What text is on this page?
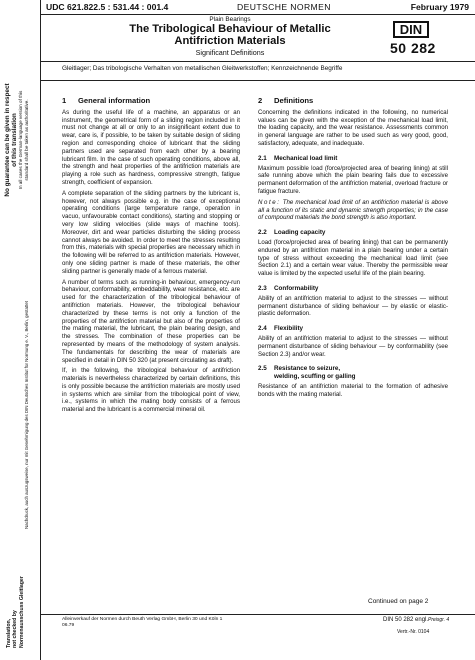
No guarantee can be given in respect of this translation In all cases the German-language version of this standard shall be taken as authoritative.
Nachdruck, auch auszugsweise, nur mit Genehmigung des DIN Deutsches Institut für Normung e. V., Berlin, gestattet
Translation, not checked by Normenausschuss Gleitlager
UDC 621.822.5 : 531.44 : 001.4	DEUTSCHE NORMEN	February 1979
Plain Bearings
The Tribological Behaviour of Metallic
Antifriction Materials
Significant Definitions
DIN
50 282
Gleitlager; Das tribologische Verhalten von metallischen Gleitwerkstoffen; Kennzeichnende Begriffe
1 General information

As during the useful life of a machine, an apparatus or an instrument, the geometrical form of a sliding region included in it must not change at all or only to an insignificant extent due to wear, care is, if possible, to be taken by suitable design of sliding region and corresponding choice of lubricant that the sliding partners used are separated from each other by a bearing lubricant film. In the case of such operating conditions, above all, the strength and heat properties of the antifriction materials are playing a role such as hardness, compressive strength, fatigue strength, coefficient of expansion.

A complete separation of the sliding partners by the lubricant is, however, not always possible e.g. in the case of exceptional operating conditions (large temperature range, operation in vacuo, unfavourable contact conditions), starting and stopping or very low sliding velocities (slide ways of machine tools). Moreover, dirt and wear particles disturbing the sliding process cannot always be avoided. In order to meet the stresses resulting from this, materials with special properties are necessary which in the following will be referred to as antifriction materials. However, only one sliding partner is made of these materials, the other sliding partner is generally made of a ferrous material.

A number of terms such as running-in behaviour, emergency-run behaviour, conformability, embeddability, wear resistance, etc. are used for the characterization of the tribological behaviour of antifriction materials. However, the tribological behaviour characterized by these terms is not only a function of the properties of the antifriction material but also of the properties of the mating material, the lubricant, the plain bearing design, and the stresses. The combination of these properties can be represented by means of the methodology of system analysis. The fundamentals for describing the wear of materials are specified in detail in DIN 50 320 (at present circulating as draft).

If, in the following, the tribological behaviour of antifriction materials is nevertheless characterized by certain definitions, this is only possible because the antifriction materials are mostly used in systems which are similar from the tribological point of view, i.e., systems in which the mating body consists of a ferrous material and the lubricant is a commercial mineral oil.

2 Definitions

Concerning the definitions indicated in the following, no numerical values can be given with the exception of the mechanical load limit, the loading capacity, and the wear resistance. Assessments common in general language are rather to be used such as very good, good, satisfactory, adequate, and inadequate.

2.1 Mechanical load limit

Maximum possible load (force/projected area of bearing lining) at still safe running above which the plain bearing fails due to excessive permanent deformation of the antifriction material, overload fracture or fatigue fracture.

Note: The mechanical load limit of an antifriction material is above all a function of its static and dynamic strength properties; in the case of compound materials the bond strength is also important.

2.2 Loading capacity

Load (force/projected area of bearing lining) that can be permanently endured by an antifriction material in a plain bearing under a certain type of stress without exceeding the mechanical load limit (see Section 2.1) and a certain wear value. Thereby the permissible wear value is limited by the expected useful life of the plain bearing.

2.3 Conformability

Ability of an antifriction material to adjust to the stresses — without permanent disturbance of sliding behaviour — by elastic or elastic-plastic deformation.

2.4 Flexibility

Ability of an antifriction material to adjust to the stresses — without permanent disturbance of sliding behaviour — by conformability (see Section 2.3) and/or wear.

2.5 Resistance to seizure,
welding, scuffing or galling

Resistance of an antifriction material to the formation of adhesive bonds with the mating material.

Continued on page 2
Alleinverkauf der Normen durch Beuth Verlag GmbH, Berlin 30 und Köln 1
06.79
DIN 50 282 engl. Preisgr. 4
Vertr.-Nr. 0104
